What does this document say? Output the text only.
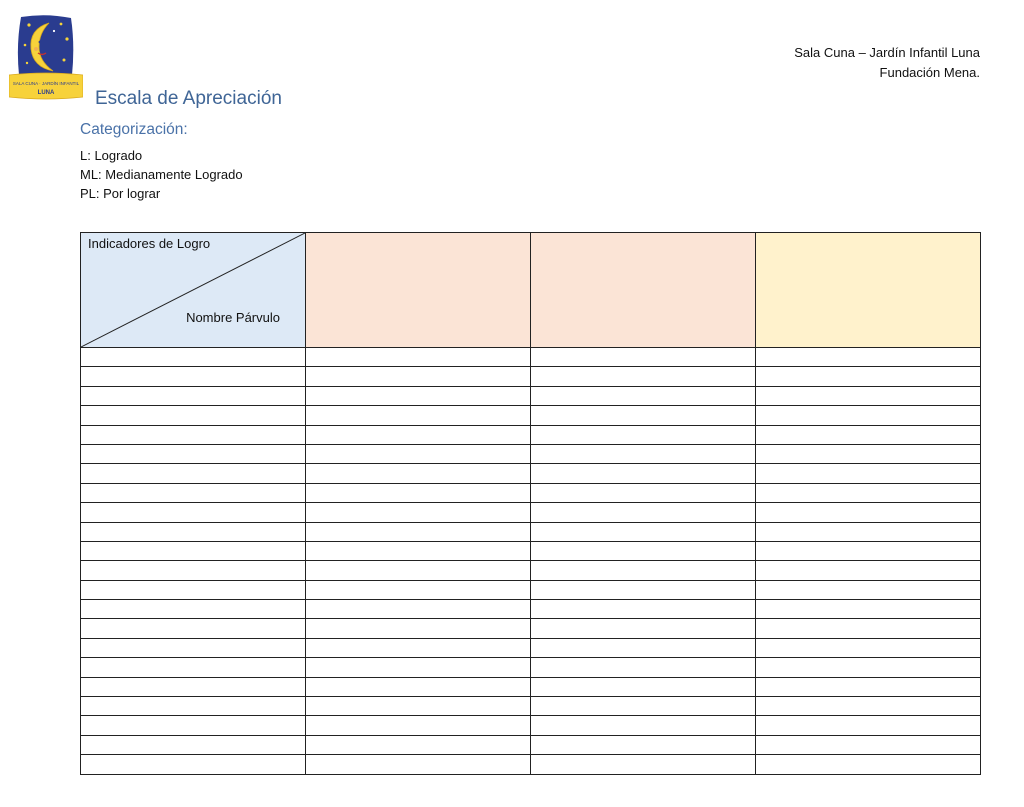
SALA CUNA · JARDÍN INFANTIL
LUNA
Sala Cuna – Jardín Infantil Luna
Fundación Mena.
Escala de Apreciación
Categorización:
L: Logrado
ML: Medianamente Logrado
PL: Por lograr
Indicadores de Logro
Nombre Párvulo			
